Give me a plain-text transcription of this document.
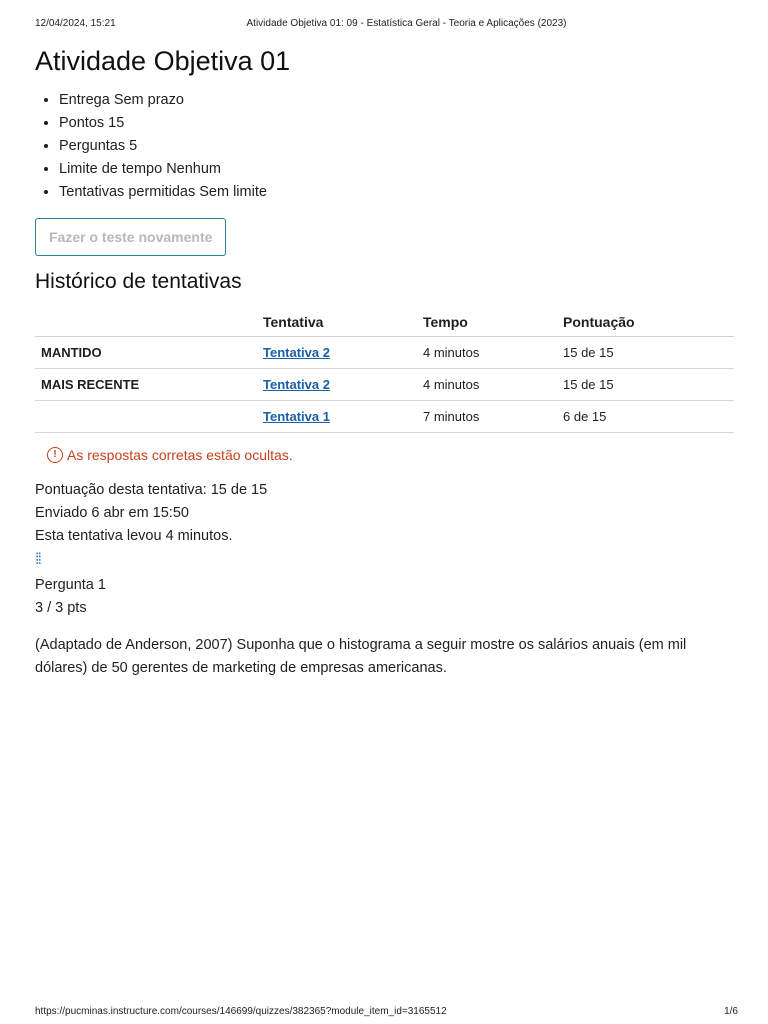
12/04/2024, 15:21	Atividade Objetiva 01: 09 - Estatística Geral - Teoria e Aplicações (2023)
Atividade Objetiva 01
• Entrega Sem prazo
• Pontos 15
• Perguntas 5
• Limite de tempo Nenhum
• Tentativas permitidas Sem limite
Fazer o teste novamente
Histórico de tentativas
	Tentativa	Tempo	Pontuação
MANTIDO	Tentativa 2	4 minutos	15 de 15
MAIS RECENTE	Tentativa 2	4 minutos	15 de 15
	Tentativa 1	7 minutos	6 de 15
! As respostas corretas estão ocultas.
Pontuação desta tentativa: 15 de 15
Enviado 6 abr em 15:50
Esta tentativa levou 4 minutos.
⁞⁞
Pergunta 1
3 / 3 pts
(Adaptado de Anderson, 2007) Suponha que o histograma a seguir mostre os salários anuais (em mil dólares) de 50 gerentes de marketing de empresas americanas.
https://pucminas.instructure.com/courses/146699/quizzes/382365?module_item_id=3165512	1/6
